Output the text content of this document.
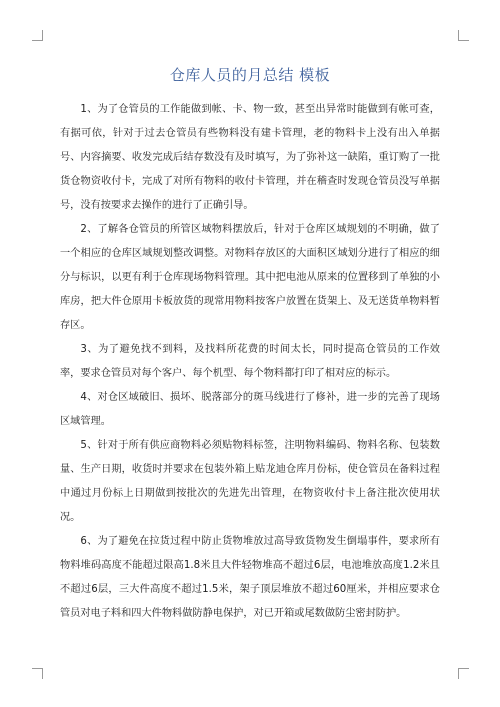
仓库人员的月总结 模板

1、为了仓管员的工作能做到帐、卡、物一致，甚至出异常时能做到有帐可查，有据可依，针对于过去仓管员有些物料没有建卡管理，老的物料卡上没有出入单据号、内容摘要、收发完成后结存数没有及时填写，为了弥补这一缺陷，重订购了一批货仓物资收付卡，完成了对所有物料的收付卡管理，并在稽查时发现仓管员没写单据号，没有按要求去操作的进行了正确引导。

2、了解各仓管员的所管区域物料摆放后，针对于仓库区域规划的不明确，做了一个相应的仓库区域规划整改调整。对物料存放区的大面积区域划分进行了相应的细分与标识，以更有利于仓库现场物料管理。其中把电池从原来的位置移到了单独的小库房，把大件仓原用卡板放货的现常用物料按客户放置在货架上、及无送货单物料暂存区。

3、为了避免找不到料，及找料所花费的时间太长，同时提高仓管员的工作效率，要求仓管员对每个客户、每个机型、每个物料都打印了相对应的标示。

4、对仓区域破旧、损坏、脱落部分的斑马线进行了修补，进一步的完善了现场区域管理。

5、针对于所有供应商物料必须贴物料标签，注明物料编码、物料名称、包装数量、生产日期，收货时并要求在包装外箱上贴龙迪仓库月份标，使仓管员在备料过程中通过月份标上日期做到按批次的先进先出管理，在物资收付卡上备注批次使用状况。

6、为了避免在拉货过程中防止货物堆放过高导致货物发生倒塌事件，要求所有物料堆码高度不能超过限高1.8米且大件轻物堆高不超过6层，电池堆放高度1.2米且不超过6层，三大件高度不超过1.5米，架子顶层堆放不超过60厘米，并相应要求仓管员对电子料和四大件物料做防静电保护，对已开箱或尾数做防尘密封防护。
